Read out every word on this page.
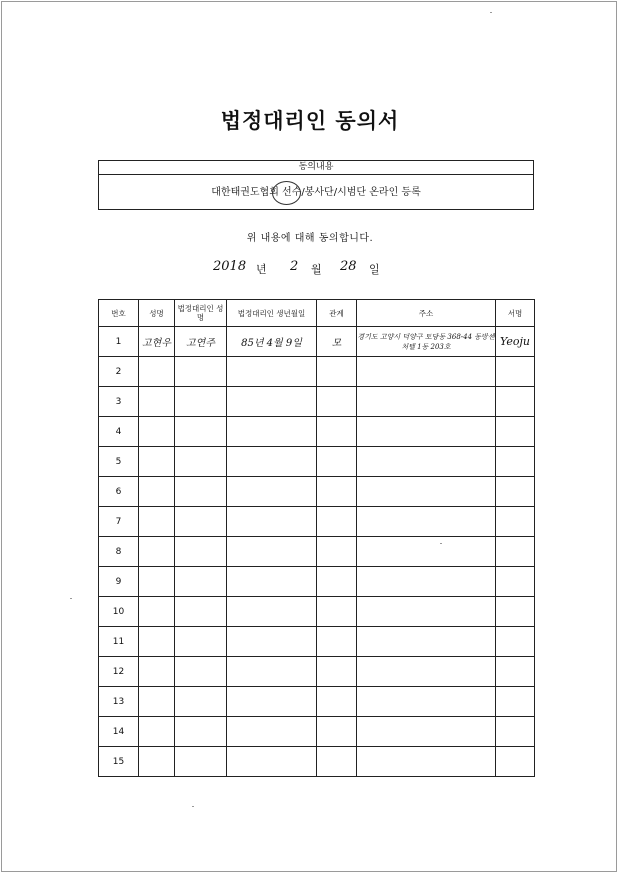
법정대리인 동의서
동의내용
대한태권도협회 선수/봉사단/시범단 온라인 등록
위 내용에 대해 동의합니다.
2018 년 2 월 28 일
번호	성명	법정대리인 성명	법정대리인 생년월일	관계	주소	서명
1	고현우	고연주	85년 4월 9일	모	경기도 고양시 덕양구 토당동 368-44 동방센처텔 1동 203호	Yeoju
2						
3						
4						
5						
6						
7						
8						
9						
10						
11						
12						
13						
14						
15						
